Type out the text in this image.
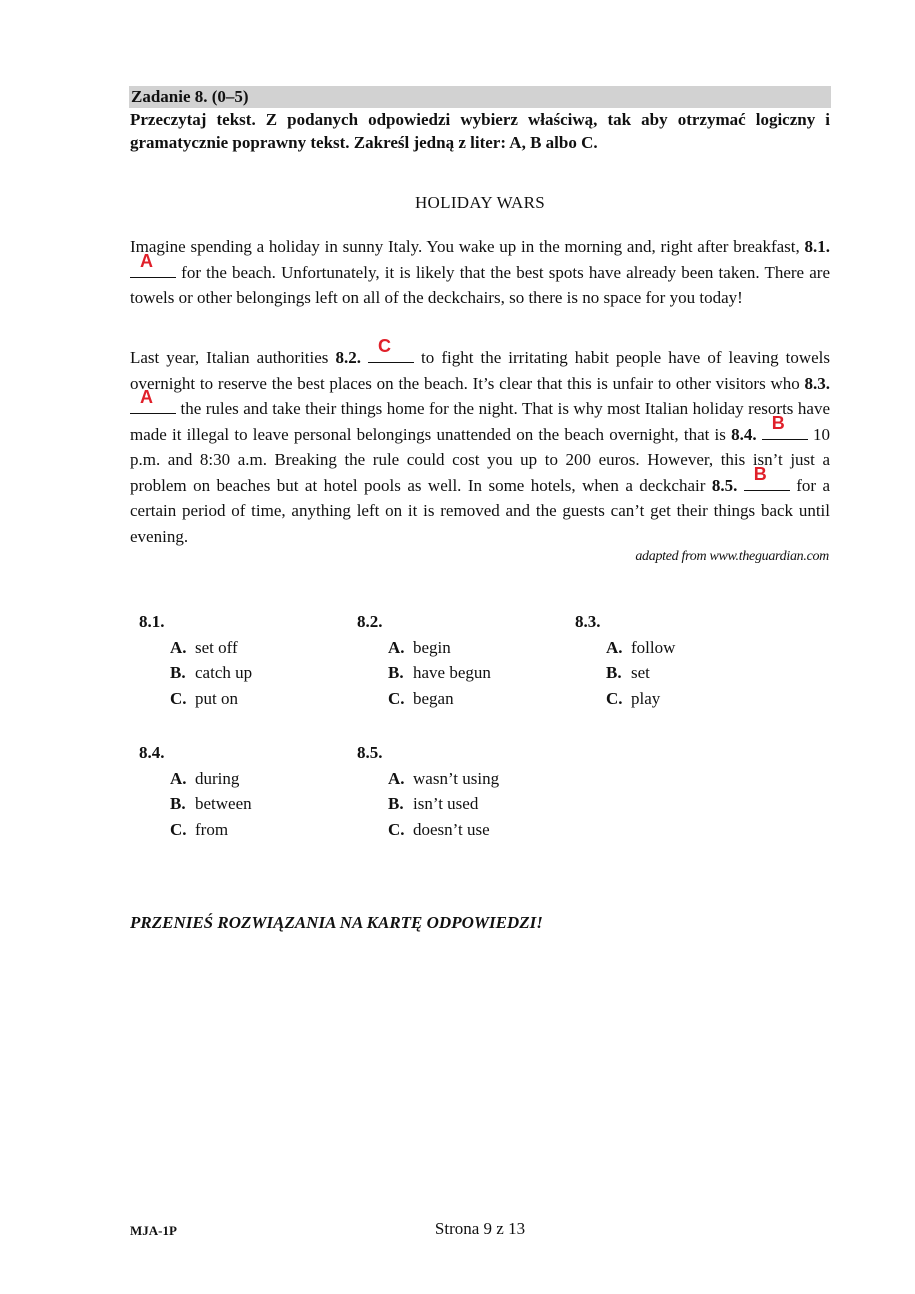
Zadanie 8. (0–5)
Przeczytaj tekst. Z podanych odpowiedzi wybierz właściwą, tak aby otrzymać logiczny i gramatycznie poprawny tekst. Zakreśl jedną z liter: A, B albo C.
HOLIDAY WARS
Imagine spending a holiday in sunny Italy. You wake up in the morning and, right after breakfast, 8.1.
A
for the beach. Unfortunately, it is likely that the best spots have already been taken. There are towels or other belongings left on all of the deckchairs, so there is no space for you today!
Last year, Italian authorities 8.2.
C
to fight the irritating habit people have of leaving towels overnight to reserve the best places on the beach. It’s clear that this is unfair to other visitors who 8.3.
A
the rules and take their things home for the night. That is why most Italian holiday resorts have made it illegal to leave personal belongings unattended on the beach overnight, that is 8.4.
B
10 p.m. and 8:30 a.m. Breaking the rule could cost you up to 200 euros. However, this isn’t just a problem on beaches but at hotel pools as well. In some hotels, when a deckchair 8.5.
B
for a certain period of time, anything left on it is removed and the guests can’t get their things back until evening.
adapted from www.theguardian.com
8.1.
A. set off
B. catch up
C. put on
8.2.
A. begin
B. have begun
C. began
8.3.
A. follow
B. set
C. play
8.4.
A. during
B. between
C. from
8.5.
A. wasn’t using
B. isn’t used
C. doesn’t use
PRZENIEŚ ROZWIĄZANIA NA KARTĘ ODPOWIEDZI!
MJA-1P	Strona 9 z 13
